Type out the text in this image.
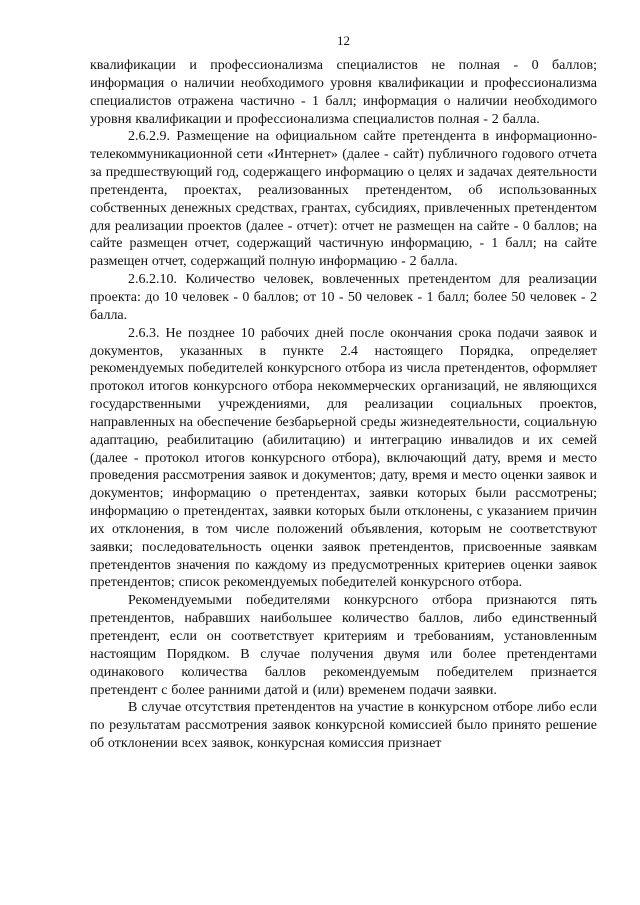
12

квалификации и профессионализма специалистов не полная - 0 баллов; информация о наличии необходимого уровня квалификации и профессионализма специалистов отражена частично - 1 балл; информация о наличии необходимого уровня квалификации и профессионализма специалистов полная - 2 балла.

2.6.2.9. Размещение на официальном сайте претендента в информационно-телекоммуникационной сети «Интернет» (далее - сайт) публичного годового отчета за предшествующий год, содержащего информацию о целях и задачах деятельности претендента, проектах, реализованных претендентом, об использованных собственных денежных средствах, грантах, субсидиях, привлеченных претендентом для реализации проектов (далее - отчет): отчет не размещен на сайте - 0 баллов; на сайте размещен отчет, содержащий частичную информацию, - 1 балл; на сайте размещен отчет, содержащий полную информацию - 2 балла.

2.6.2.10. Количество человек, вовлеченных претендентом для реализации проекта: до 10 человек - 0 баллов; от 10 - 50 человек - 1 балл; более 50 человек - 2 балла.

2.6.3. Не позднее 10 рабочих дней после окончания срока подачи заявок и документов, указанных в пункте 2.4 настоящего Порядка, определяет рекомендуемых победителей конкурсного отбора из числа претендентов, оформляет протокол итогов конкурсного отбора некоммерческих организаций, не являющихся государственными учреждениями, для реализации социальных проектов, направленных на обеспечение безбарьерной среды жизнедеятельности, социальную адаптацию, реабилитацию (абилитацию) и интеграцию инвалидов и их семей (далее - протокол итогов конкурсного отбора), включающий дату, время и место проведения рассмотрения заявок и документов; дату, время и место оценки заявок и документов; информацию о претендентах, заявки которых были рассмотрены; информацию о претендентах, заявки которых были отклонены, с указанием причин их отклонения, в том числе положений объявления, которым не соответствуют заявки; последовательность оценки заявок претендентов, присвоенные заявкам претендентов значения по каждому из предусмотренных критериев оценки заявок претендентов; список рекомендуемых победителей конкурсного отбора.

Рекомендуемыми победителями конкурсного отбора признаются пять претендентов, набравших наибольшее количество баллов, либо единственный претендент, если он соответствует критериям и требованиям, установленным настоящим Порядком. В случае получения двумя или более претендентами одинакового количества баллов рекомендуемым победителем признается претендент с более ранними датой и (или) временем подачи заявки.

В случае отсутствия претендентов на участие в конкурсном отборе либо если по результатам рассмотрения заявок конкурсной комиссией было принято решение об отклонении всех заявок, конкурсная комиссия признает
